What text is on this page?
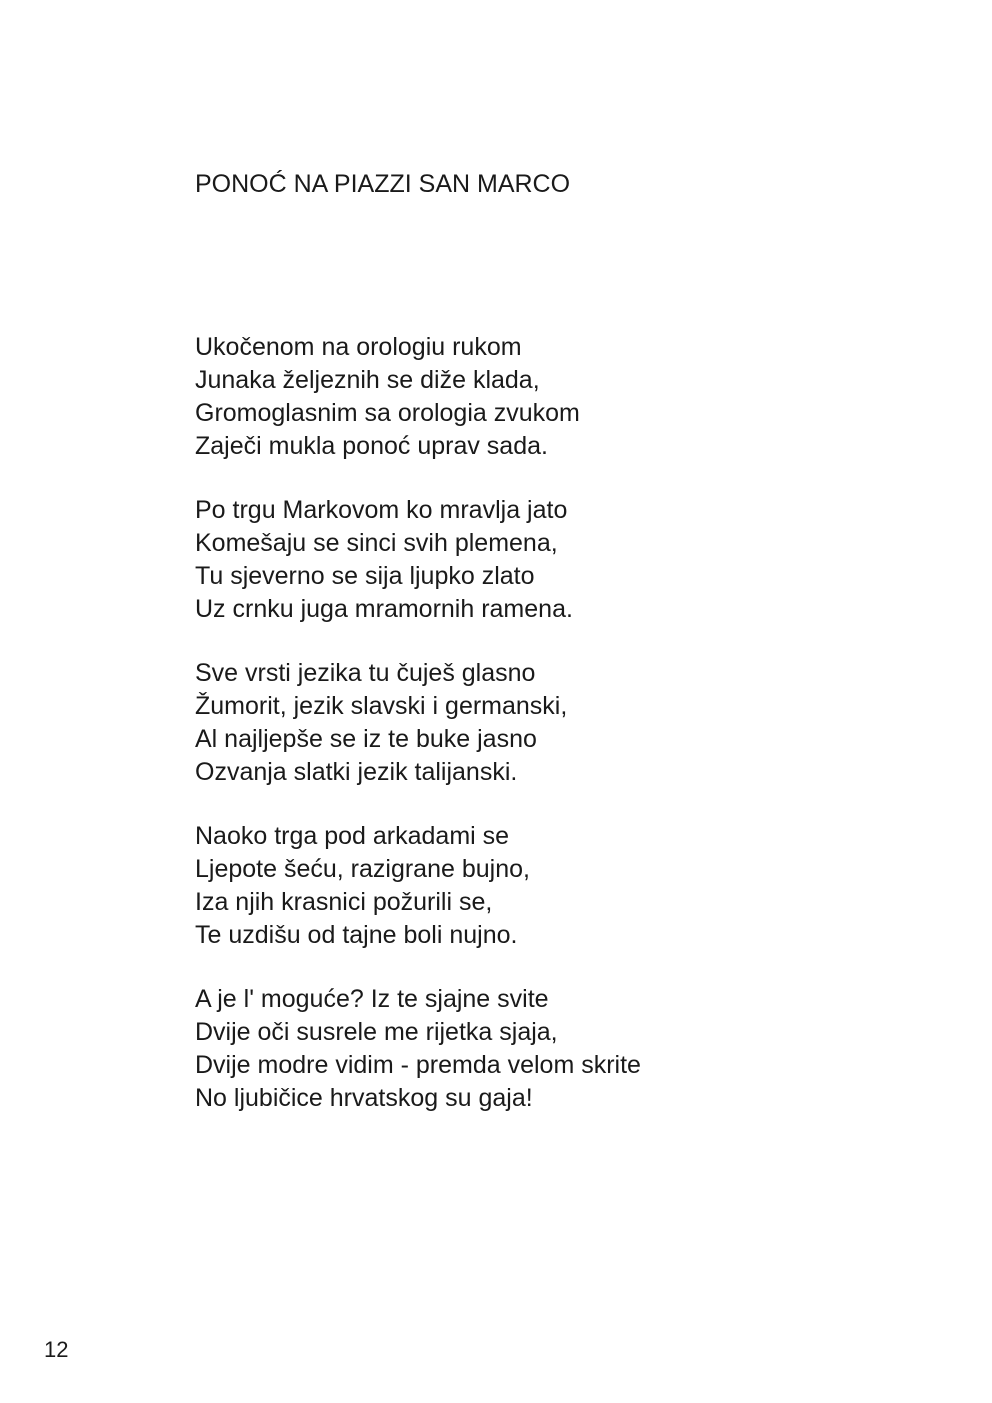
PONOĆ NA PIAZZI SAN MARCO
Ukočenom na orologiu rukom
Junaka željeznih se diže klada,
Gromoglasnim sa orologia zvukom
Zaječi mukla ponoć uprav sada.
Po trgu Markovom ko mravlja jato
Komešaju se sinci svih plemena,
Tu sjeverno se sija ljupko zlato
Uz crnku juga mramornih ramena.
Sve vrsti jezika tu čuješ glasno
Žumorit, jezik slavski i germanski,
Al najljepše se iz te buke jasno
Ozvanja slatki jezik talijanski.
Naoko trga pod arkadami se
Ljepote šeću, razigrane bujno,
Iza njih krasnici požurili se,
Te uzdišu od tajne boli nujno.
A je l' moguće? Iz te sjajne svite
Dvije oči susrele me rijetka sjaja,
Dvije modre vidim - premda velom skrite
No ljubičice hrvatskog su gaja!
12
